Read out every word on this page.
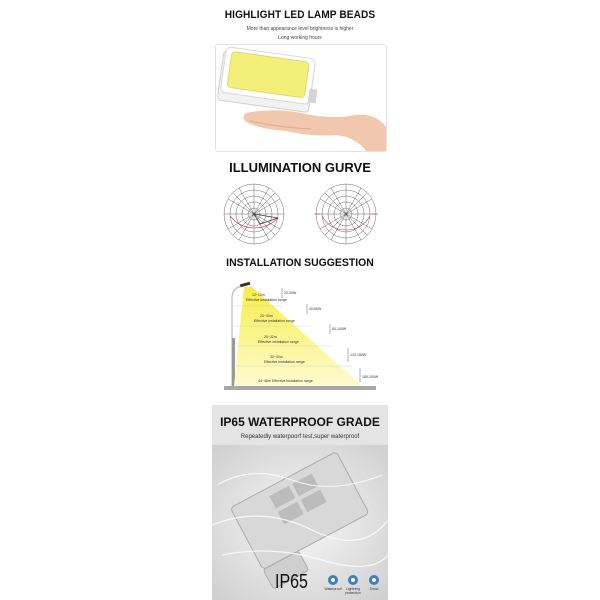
HIGHLIGHT LED LAMP BEADS
More than appearance level brightness is higher
Long working hours
ILLUMINATION GURVE
INSTALLATION SUGGESTION
12~15m
Effective installation range
20~30m
Effective installation range
25~32m
Effective installation range
30~40m
Effective installation range
44~46m Effective installation range
20-30W
40-60W
80-100W
120-150W
180-200W
IP65 WATERPROOF GRADE
Repeatedly waterpoorf test,super waterproof
IP65	Waterproof	Lightning protection
Snow
